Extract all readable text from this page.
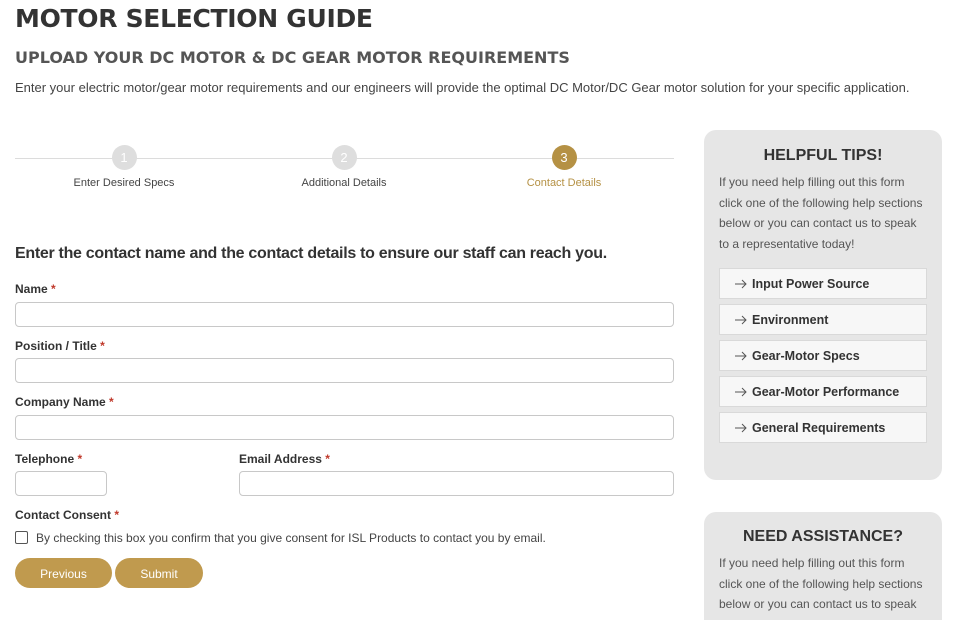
MOTOR SELECTION GUIDE
UPLOAD YOUR DC MOTOR & DC GEAR MOTOR REQUIREMENTS

Enter your electric motor/gear motor requirements and our engineers will provide the optimal DC Motor/DC Gear motor solution for your specific application.

1
Enter Desired Specs
2
Additional Details
3
Contact Details

Enter the contact name and the contact details to ensure our staff can reach you.

Name *
Position / Title *
Company Name *
Telephone *	Email Address *
Contact Consent *
By checking this box you confirm that you give consent for ISL Products to contact you by email.
Previous	Submit
HELPFUL TIPS!

If you need help filling out this form click one of the following help sections below or you can contact us to speak to a representative today!

Input Power Source
Environment
Gear-Motor Specs
Gear-Motor Performance
General Requirements
NEED ASSISTANCE?

If you need help filling out this form click one of the following help sections below or you can contact us to speak
